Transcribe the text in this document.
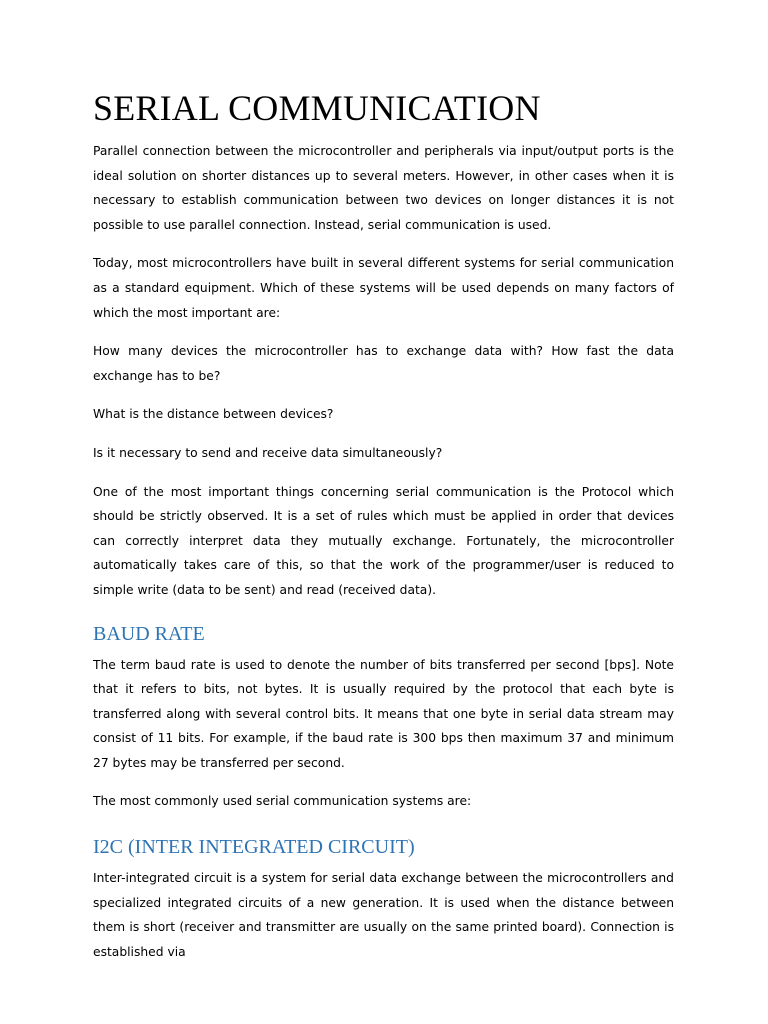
SERIAL COMMUNICATION

Parallel connection between the microcontroller and peripherals via input/output ports is the ideal solution on shorter distances up to several meters. However, in other cases when it is necessary to establish communication between two devices on longer distances it is not possible to use parallel connection. Instead, serial communication is used.

Today, most microcontrollers have built in several different systems for serial communication as a standard equipment. Which of these systems will be used depends on many factors of which the most important are:

How many devices the microcontroller has to exchange data with? How fast the data exchange has to be?

What is the distance between devices?

Is it necessary to send and receive data simultaneously?

One of the most important things concerning serial communication is the Protocol which should be strictly observed. It is a set of rules which must be applied in order that devices can correctly interpret data they mutually exchange. Fortunately, the microcontroller automatically takes care of this, so that the work of the programmer/user is reduced to simple write (data to be sent) and read (received data).

BAUD RATE

The term baud rate is used to denote the number of bits transferred per second [bps]. Note that it refers to bits, not bytes. It is usually required by the protocol that each byte is transferred along with several control bits. It means that one byte in serial data stream may consist of 11 bits. For example, if the baud rate is 300 bps then maximum 37 and minimum 27 bytes may be transferred per second.

The most commonly used serial communication systems are:

I2C (INTER INTEGRATED CIRCUIT)

Inter-integrated circuit is a system for serial data exchange between the microcontrollers and specialized integrated circuits of a new generation. It is used when the distance between them is short (receiver and transmitter are usually on the same printed board). Connection is established via
